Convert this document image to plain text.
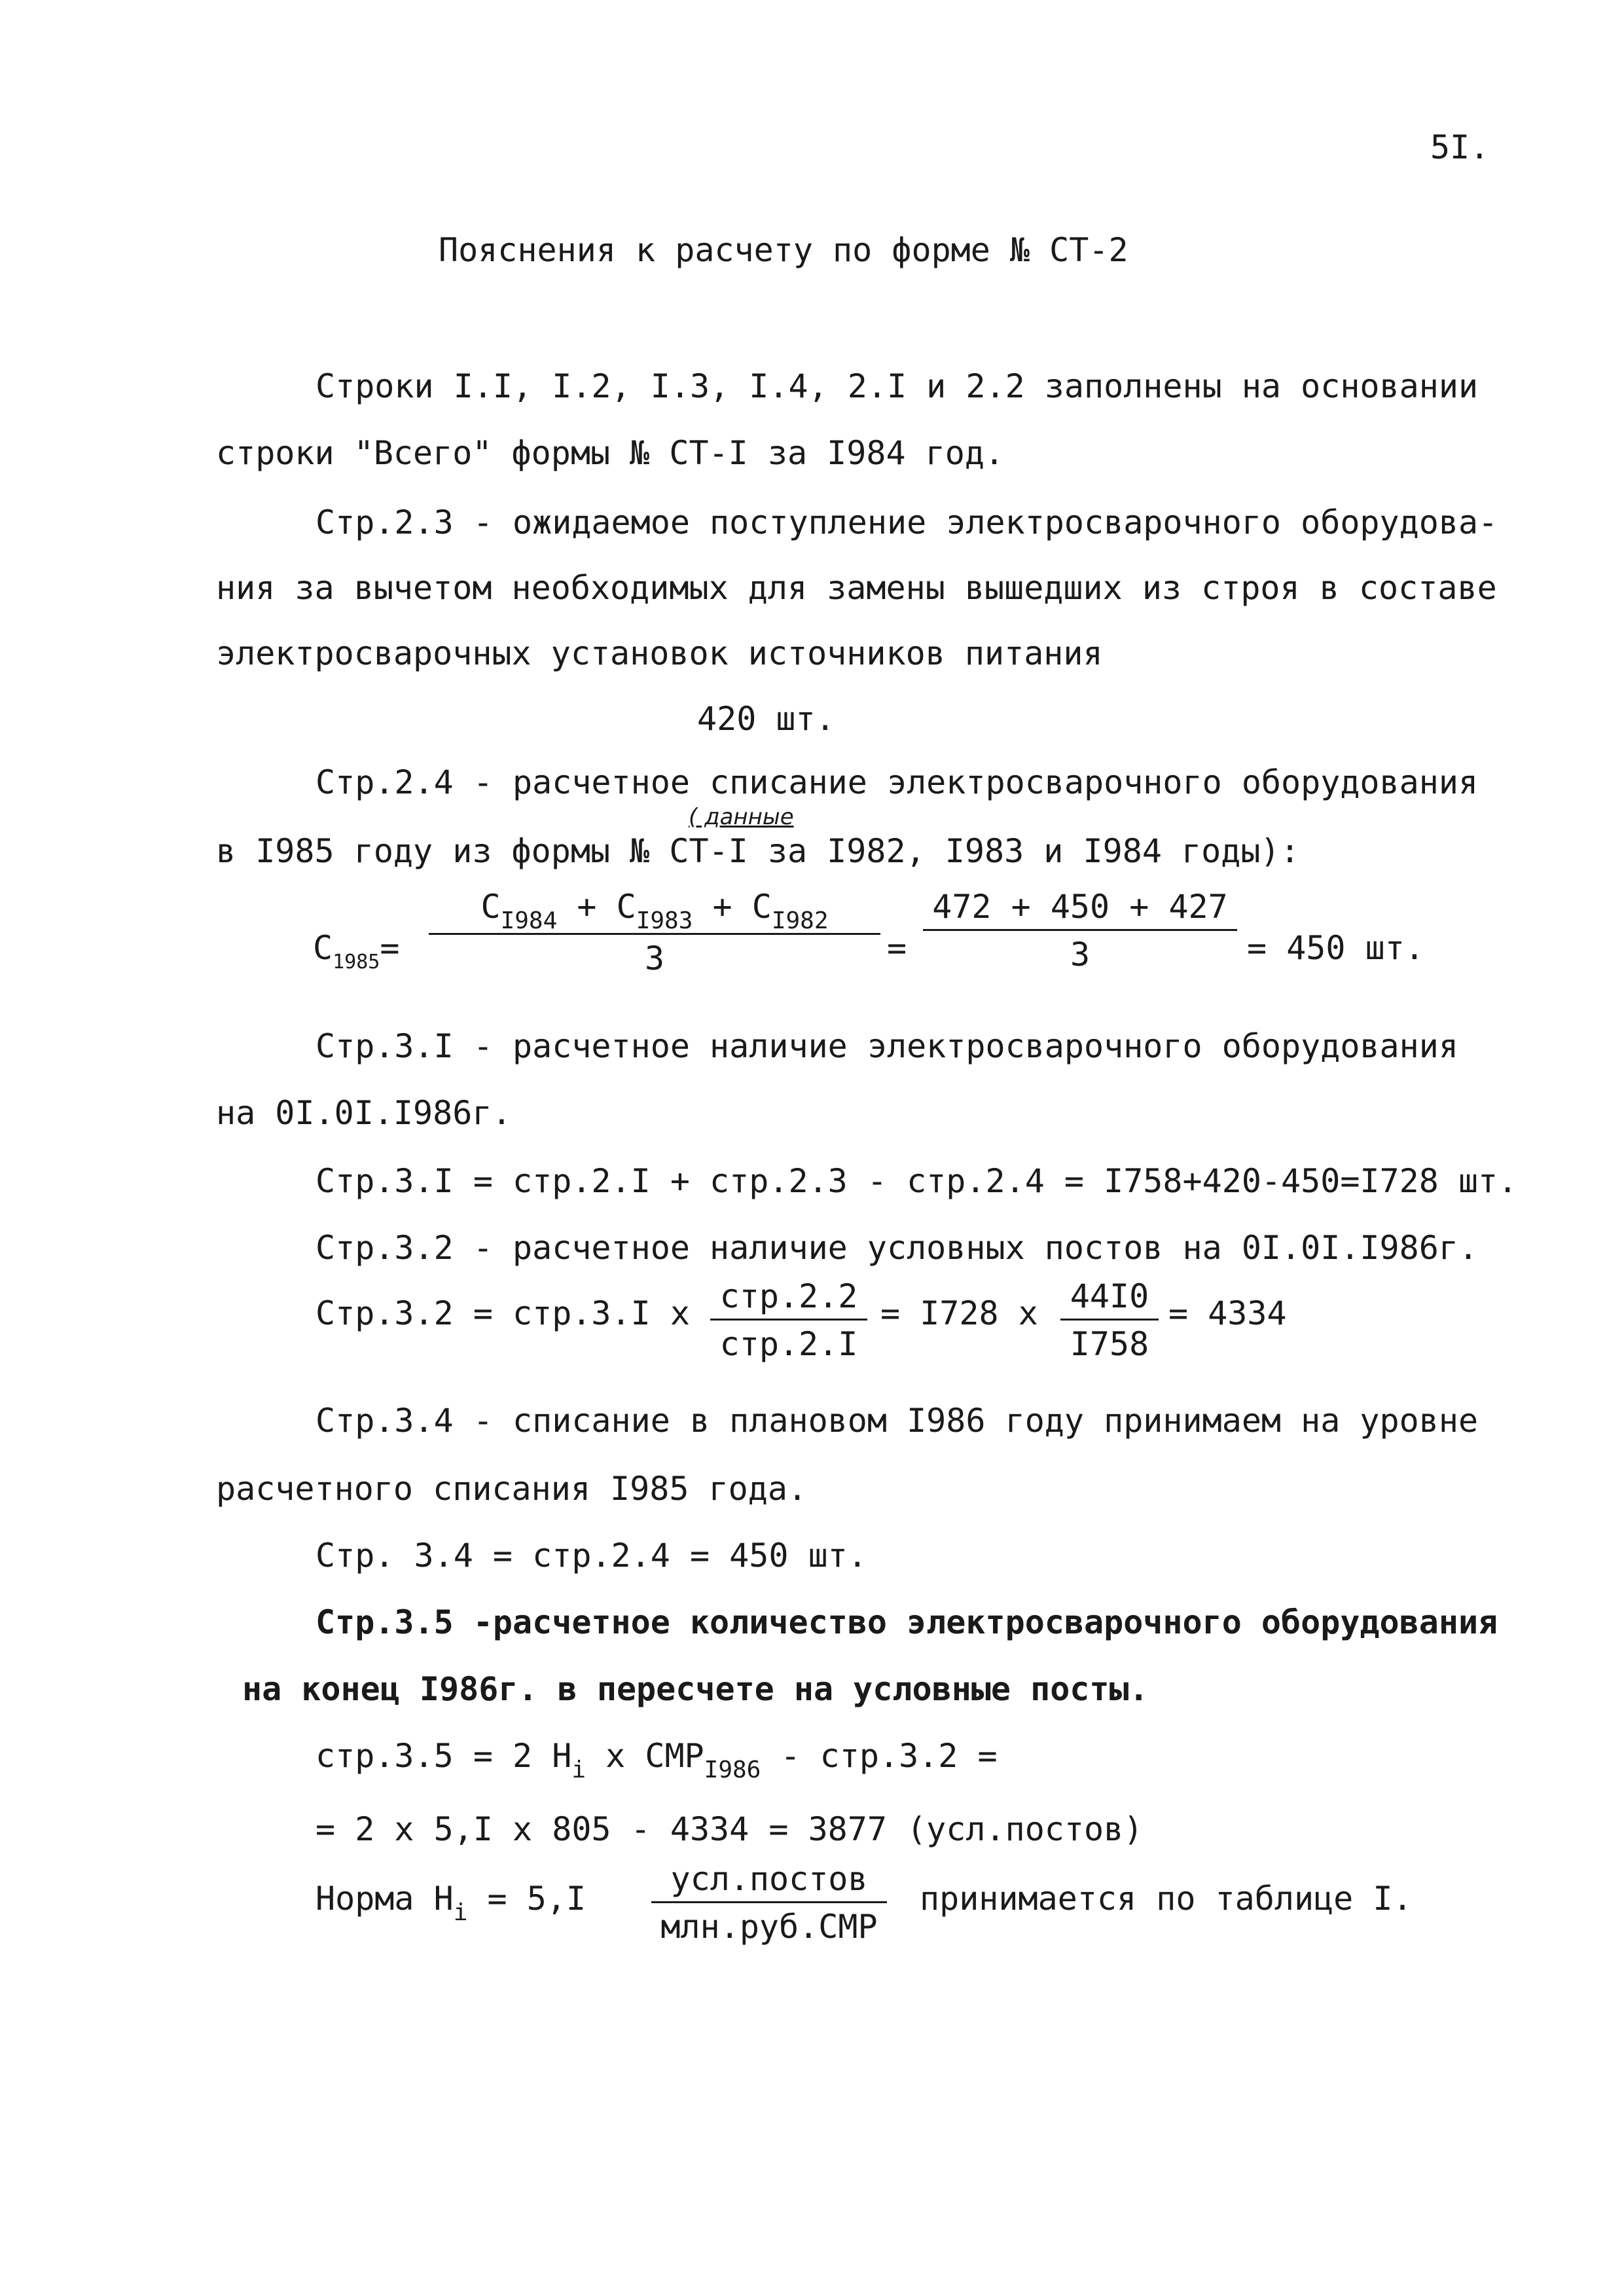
5I.
Пояснения к расчету по форме № СТ-2
Строки I.I, I.2, I.3, I.4, 2.I и 2.2 заполнены на основании
строки "Всего" формы № СТ-I за I984 год.
Стр.2.3 - ожидаемое поступление электросварочного оборудова-
ния за вычетом необходимых для замены вышедших из строя в составе
электросварочных установок источников питания
420 шт.
Стр.2.4 - расчетное списание электросварочного оборудования
( данные
в I985 году из формы № СТ-I за I982, I983 и I984 годы):
$C_{1985}=$
$C_{I984} + C_{I983} + C_{I982}$
3	=
472 + 450 + 427
3	= 450 шт.
Стр.3.I - расчетное наличие электросварочного оборудования
на 0I.0I.I986г.
Стр.3.I = стр.2.I + стр.2.3 - стр.2.4 = I758+420-450=I728 шт.
Стр.3.2 - расчетное наличие условных постов на 0I.0I.I986г.
Стр.3.2 = стр.3.I х стр.2.2
стр.2.I
= I728 х 44I0
I758
= 4334
Стр.3.4 - списание в плановом I986 году принимаем на уровне
расчетного списания I985 года.
Стр. 3.4 = стр.2.4 = 450 шт.
Стр.3.5 -расчетное количество электросварочного оборудования
на конец I986г. в пересчете на условные посты.
стр.3.5 = 2 $Н_i$ х $СМР_{I986} - стр.3.2$ =
= 2 х 5,I х 805 - 4334 = 3877 (усл.постов)
Норма $Н_i = 5,I$
усл.постов
млн.руб.СМР
принимается по таблице I.
